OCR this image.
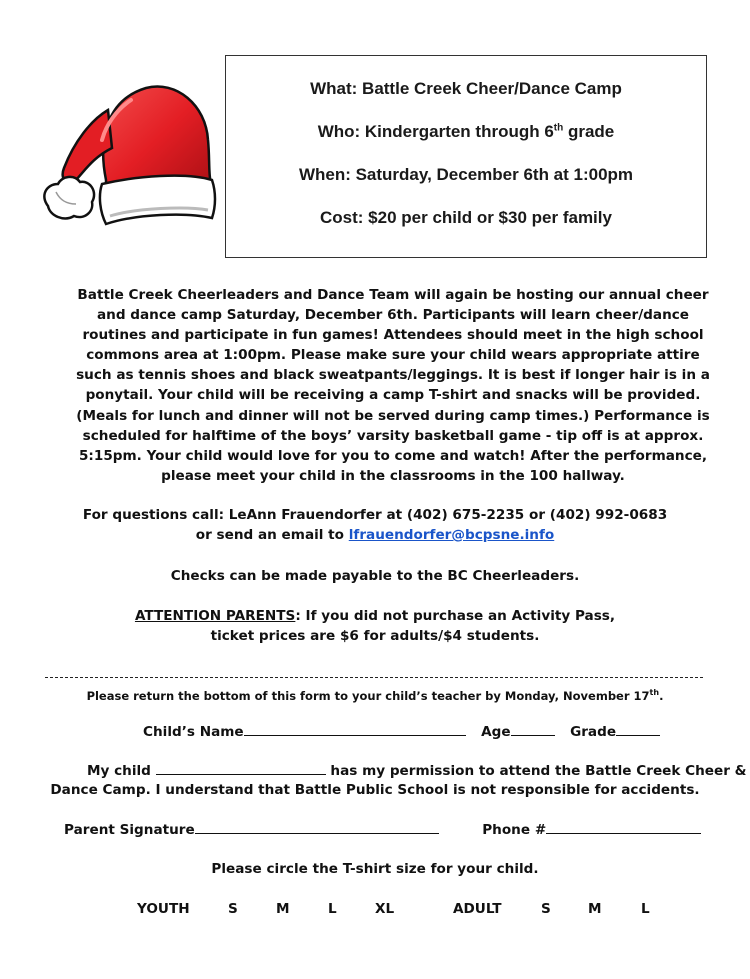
What: Battle Creek Cheer/Dance Camp
Who: Kindergarten through 6th grade
When: Saturday, December 6th at 1:00pm
Cost: $20 per child or $30 per family
Battle Creek Cheerleaders and Dance Team will again be hosting our annual cheer and dance camp Saturday, December 6th. Participants will learn cheer/dance routines and participate in fun games! Attendees should meet in the high school commons area at 1:00pm. Please make sure your child wears appropriate attire such as tennis shoes and black sweatpants/leggings. It is best if longer hair is in a ponytail. Your child will be receiving a camp T-shirt and snacks will be provided. (Meals for lunch and dinner will not be served during camp times.) Performance is scheduled for halftime of the boys’ varsity basketball game - tip off is at approx. 5:15pm. Your child would love for you to come and watch! After the performance, please meet your child in the classrooms in the 100 hallway.
For questions call: LeAnn Frauendorfer at (402) 675-2235 or (402) 992-0683
or send an email to lfrauendorfer@bcpsne.info
Checks can be made payable to the BC Cheerleaders.
ATTENTION PARENTS: If you did not purchase an Activity Pass,
ticket prices are $6 for adults/$4 students.
Please return the bottom of this form to your child’s teacher by Monday, November 17th.
Child’s Name	Age	Grade
My child	has my permission to attend the Battle Creek Cheer &
Dance Camp. I understand that Battle Public School is not responsible for accidents.
Parent Signature	Phone #
Please circle the T-shirt size for your child.
YOUTH	S	M	L	XL	ADULT	S	M	L
